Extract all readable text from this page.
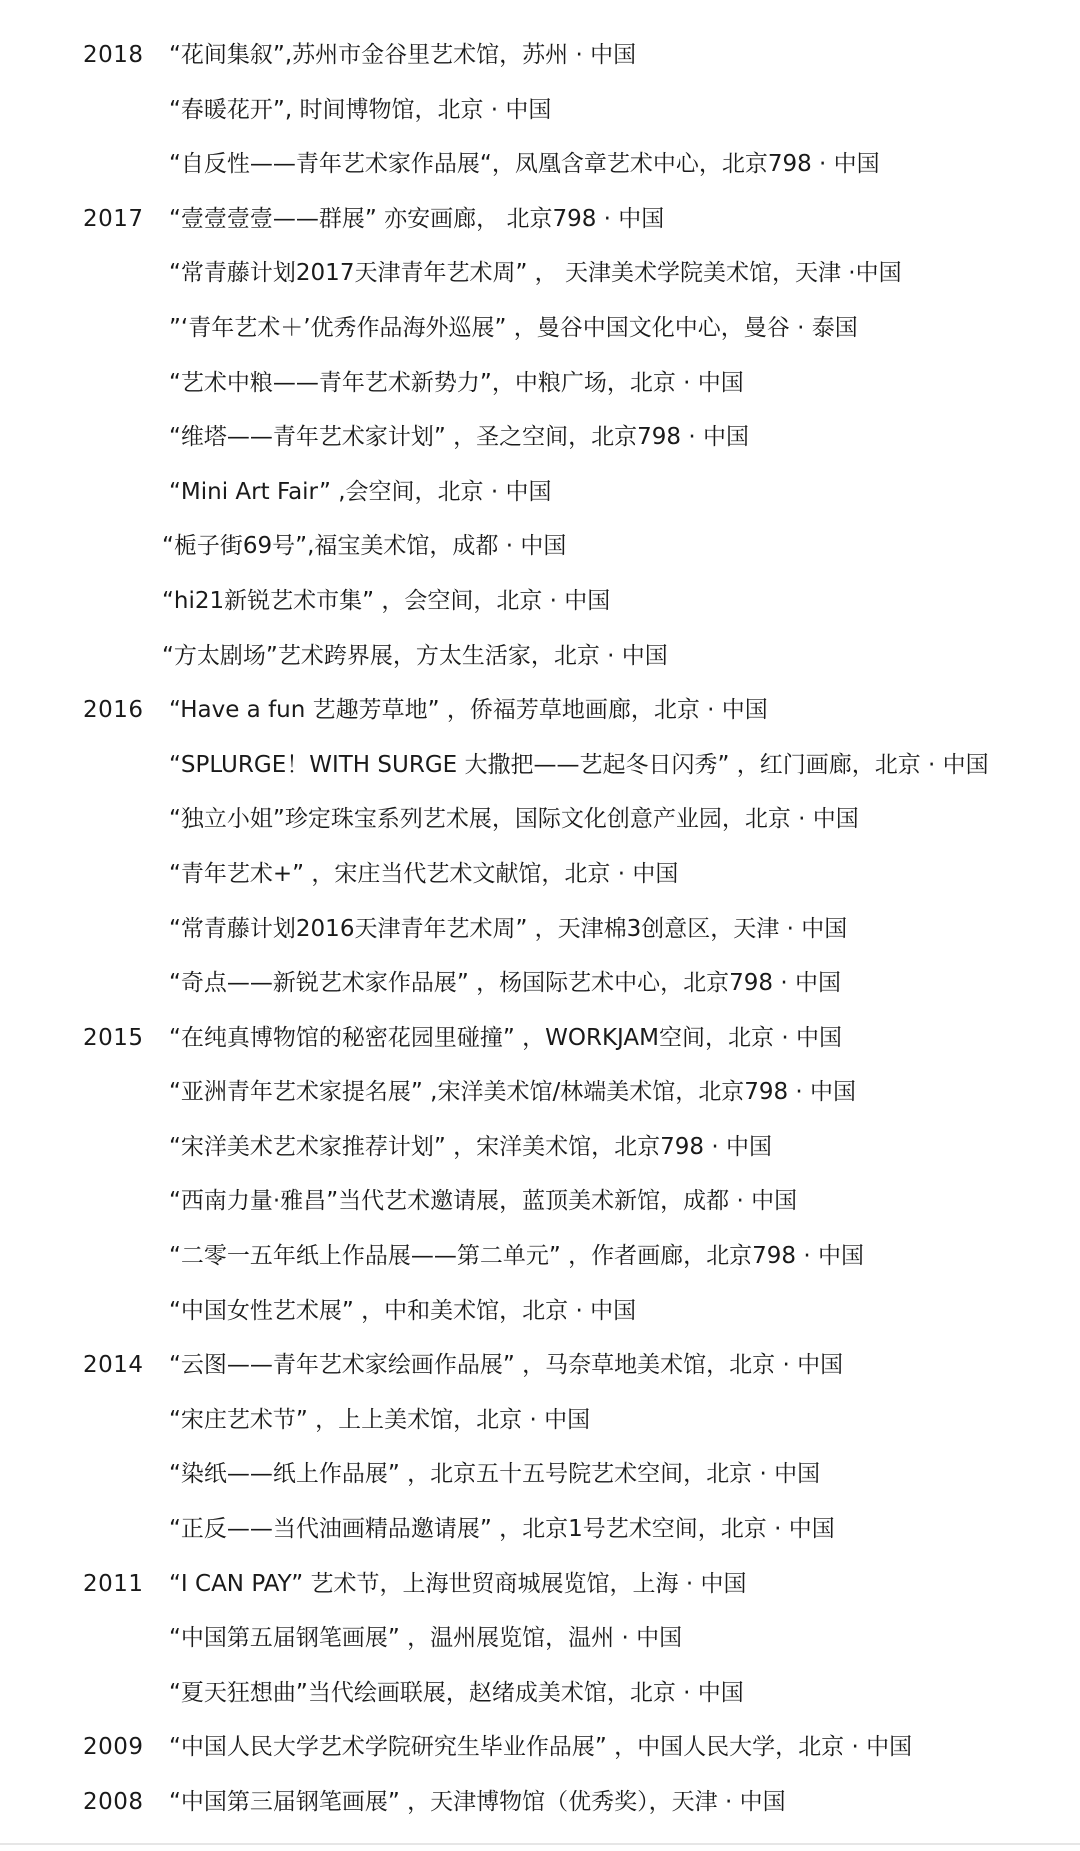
2018 “花间集叙”,苏州市金谷里艺术馆，苏州 · 中国
“春暖花开”, 时间博物馆，北京 · 中国
“自反性——青年艺术家作品展“，凤凰含章艺术中心，北京798 · 中国
2017 “壹壹壹壹——群展” 亦安画廊， 北京798 · 中国
“常青藤计划2017天津青年艺术周” ， 天津美术学院美术馆，天津 ·中国
”‘青年艺术＋’优秀作品海外巡展” ，曼谷中国文化中心，曼谷 · 泰国
“艺术中粮——青年艺术新势力”，中粮广场，北京 · 中国
“维塔——青年艺术家计划” ，圣之空间，北京798 · 中国
“Mini Art Fair” ,会空间，北京 · 中国
“栀子街69号”,福宝美术馆，成都 · 中国
“hi21新锐艺术市集” ，会空间，北京 · 中国
“方太剧场”艺术跨界展，方太生活家，北京 · 中国
2016 “Have a fun 艺趣芳草地” ，侨福芳草地画廊，北京 · 中国
“SPLURGE！WITH SURGE 大撒把——艺起冬日闪秀” ，红门画廊，北京 · 中国
“独立小姐”珍定珠宝系列艺术展，国际文化创意产业园，北京 · 中国
“青年艺术+” ，宋庄当代艺术文献馆，北京 · 中国
“常青藤计划2016天津青年艺术周” ，天津棉3创意区，天津 · 中国
“奇点——新锐艺术家作品展” ，杨国际艺术中心，北京798 · 中国
2015 “在纯真博物馆的秘密花园里碰撞” ，WORKJAM空间，北京 · 中国
“亚洲青年艺术家提名展” ,宋洋美术馆/林端美术馆，北京798 · 中国
“宋洋美术艺术家推荐计划” ，宋洋美术馆，北京798 · 中国
“西南力量·雅昌”当代艺术邀请展，蓝顶美术新馆，成都 · 中国
“二零一五年纸上作品展——第二单元” ，作者画廊，北京798 · 中国
“中国女性艺术展” ，中和美术馆，北京 · 中国
2014 “云图——青年艺术家绘画作品展” ，马奈草地美术馆，北京 · 中国
“宋庄艺术节” ，上上美术馆，北京 · 中国
“染纸——纸上作品展” ，北京五十五号院艺术空间，北京 · 中国
“正反——当代油画精品邀请展” ，北京1号艺术空间，北京 · 中国
2011 “I CAN PAY” 艺术节，上海世贸商城展览馆，上海 · 中国
“中国第五届钢笔画展” ，温州展览馆，温州 · 中国
“夏天狂想曲”当代绘画联展，赵绪成美术馆，北京 · 中国
2009 “中国人民大学艺术学院研究生毕业作品展” ，中国人民大学，北京 · 中国
2008 “中国第三届钢笔画展” ，天津博物馆（优秀奖），天津 · 中国
